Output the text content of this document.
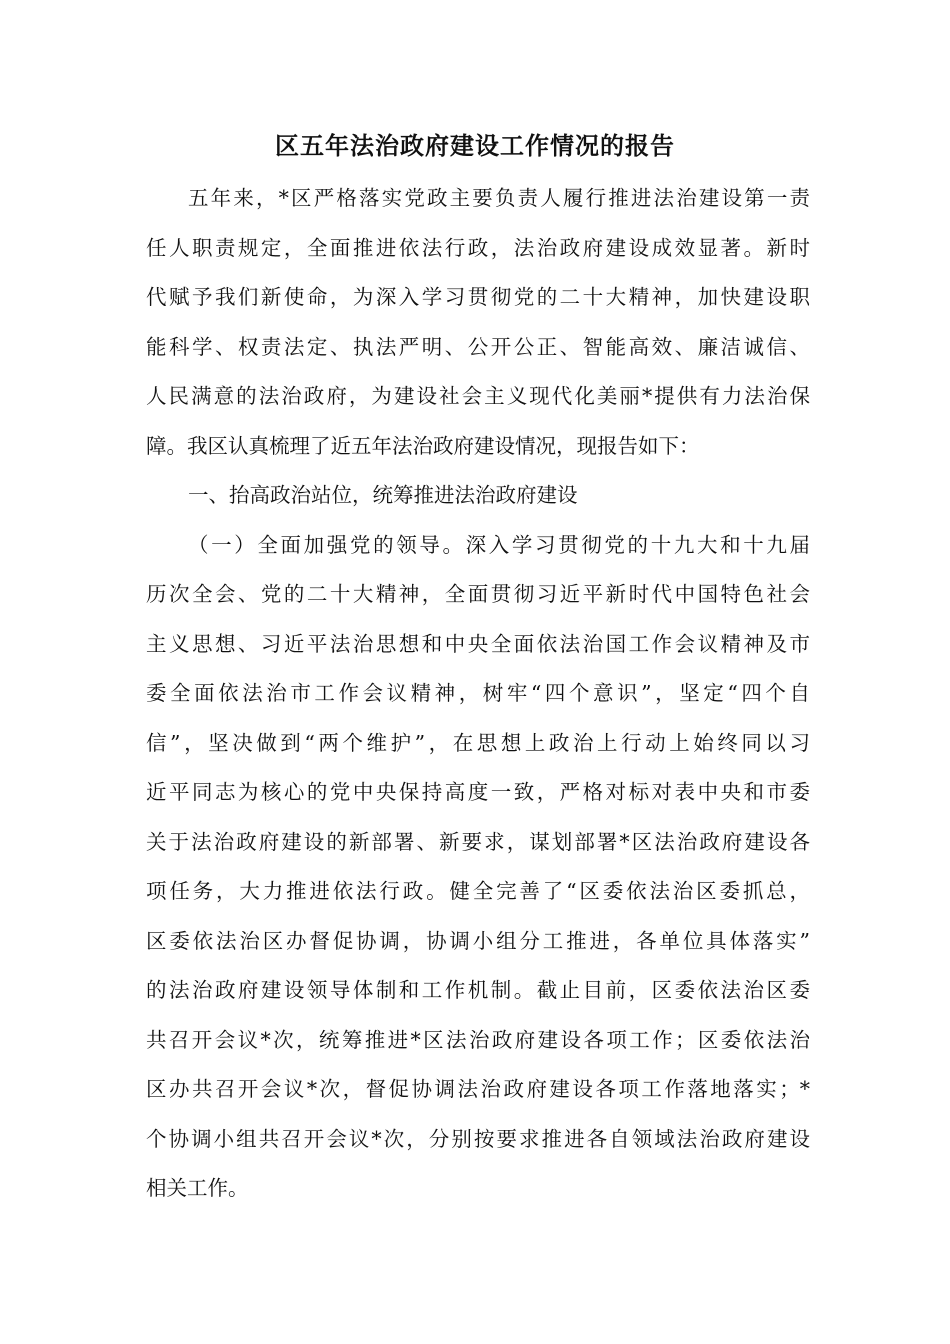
区五年法治政府建设工作情况的报告
五年来，*区严格落实党政主要负责人履行推进法治建设第一责
任人职责规定，全面推进依法行政，法治政府建设成效显著。新时
代赋予我们新使命，为深入学习贯彻党的二十大精神，加快建设职
能科学、权责法定、执法严明、公开公正、智能高效、廉洁诚信、
人民满意的法治政府，为建设社会主义现代化美丽*提供有力法治保
障。我区认真梳理了近五年法治政府建设情况，现报告如下：
一、抬高政治站位，统筹推进法治政府建设
（一）全面加强党的领导。深入学习贯彻党的十九大和十九届
历次全会、党的二十大精神，全面贯彻习近平新时代中国特色社会
主义思想、习近平法治思想和中央全面依法治国工作会议精神及市
委全面依法治市工作会议精神，树牢“四个意识”，坚定“四个自
信”，坚决做到“两个维护”，在思想上政治上行动上始终同以习
近平同志为核心的党中央保持高度一致，严格对标对表中央和市委
关于法治政府建设的新部署、新要求，谋划部署*区法治政府建设各
项任务，大力推进依法行政。健全完善了“区委依法治区委抓总，
区委依法治区办督促协调，协调小组分工推进，各单位具体落实”
的法治政府建设领导体制和工作机制。截止目前，区委依法治区委
共召开会议*次，统筹推进*区法治政府建设各项工作；区委依法治
区办共召开会议*次，督促协调法治政府建设各项工作落地落实；*
个协调小组共召开会议*次，分别按要求推进各自领域法治政府建设
相关工作。
